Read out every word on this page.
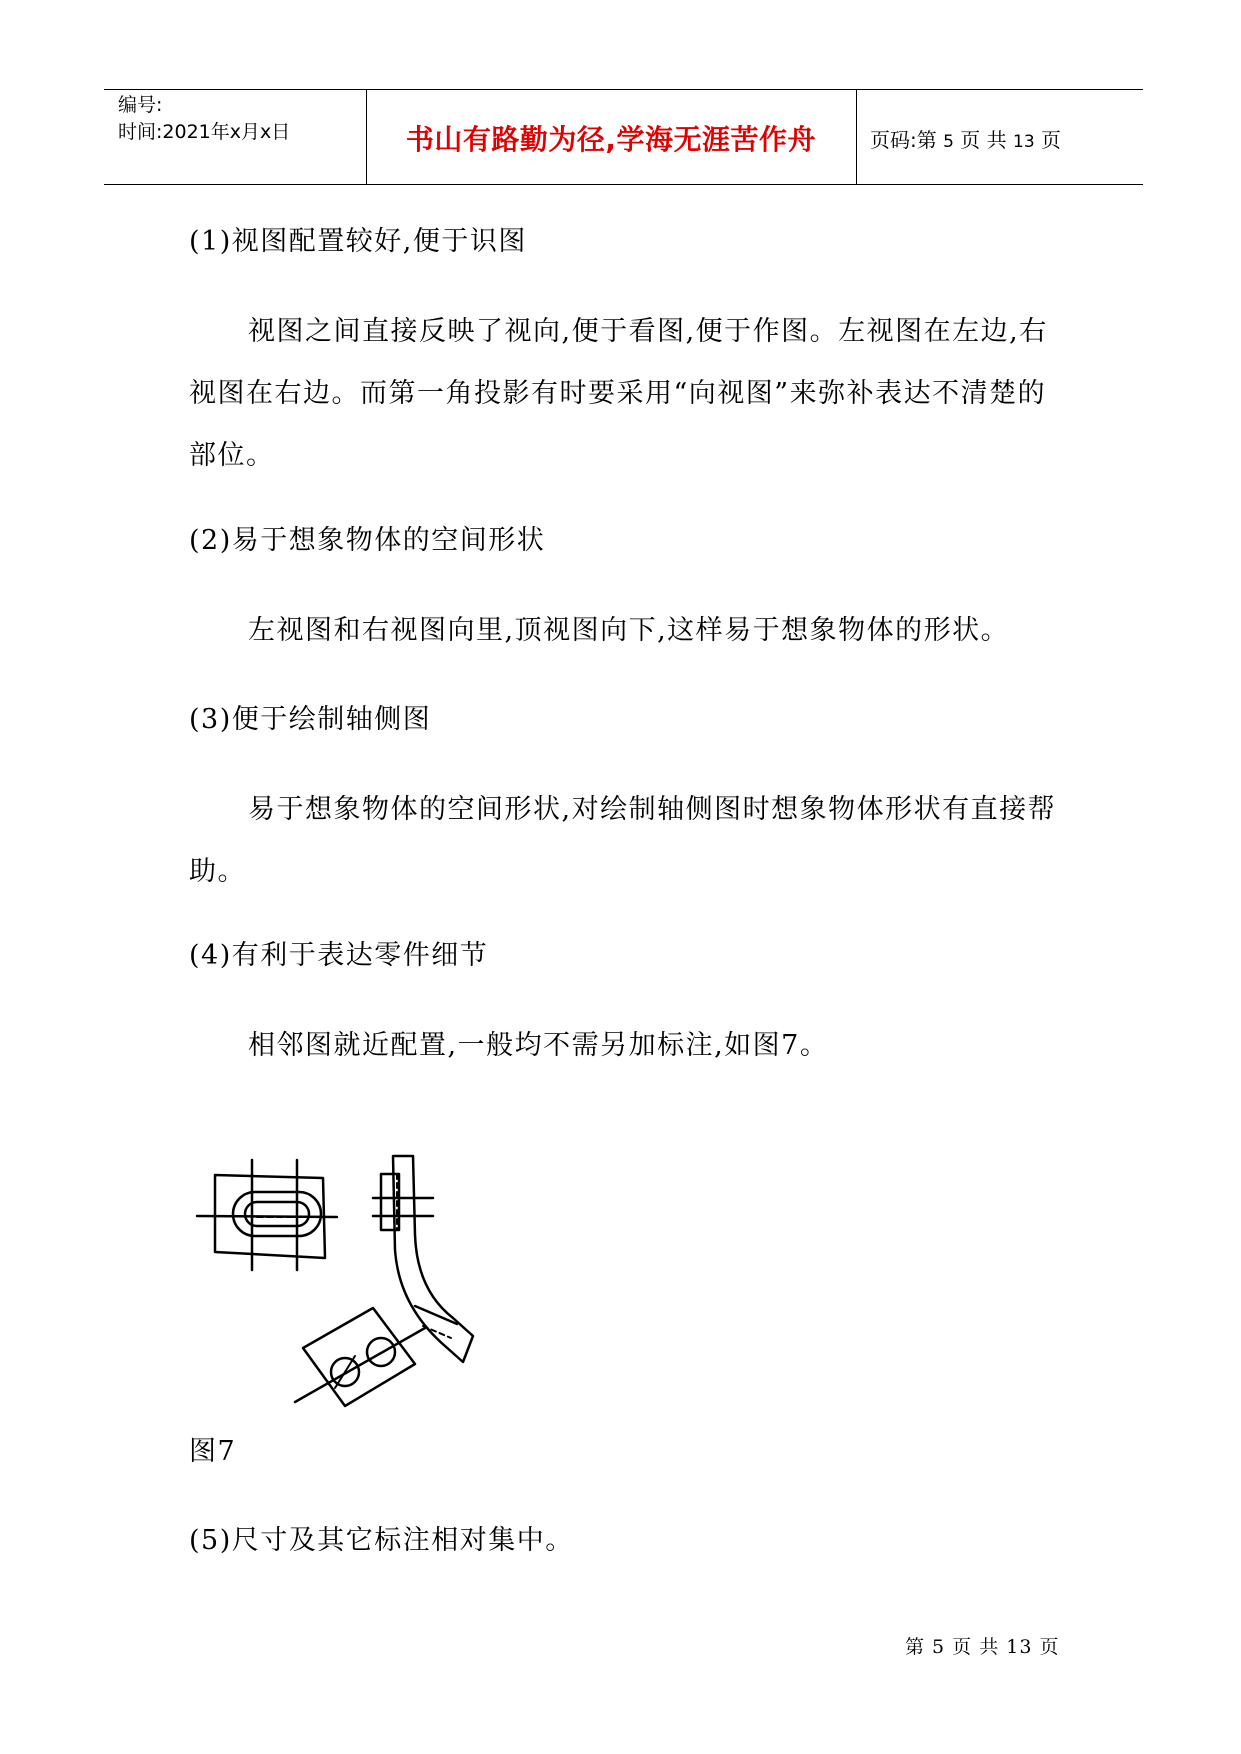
编号:
时间:2021年x月x日	书山有路勤为径,学海无涯苦作舟	页码:第 5 页 共 13 页
(1)视图配置较好,便于识图
视图之间直接反映了视向,便于看图,便于作图。左视图在左边,右视图在右边。而第一角投影有时要采用“向视图”来弥补表达不清楚的部位。
(2)易于想象物体的空间形状
左视图和右视图向里,顶视图向下,这样易于想象物体的形状。
(3)便于绘制轴侧图
易于想象物体的空间形状,对绘制轴侧图时想象物体形状有直接帮助。
(4)有利于表达零件细节
相邻图就近配置,一般均不需另加标注,如图7。
图7
(5)尺寸及其它标注相对集中。
第 5 页 共 13 页
